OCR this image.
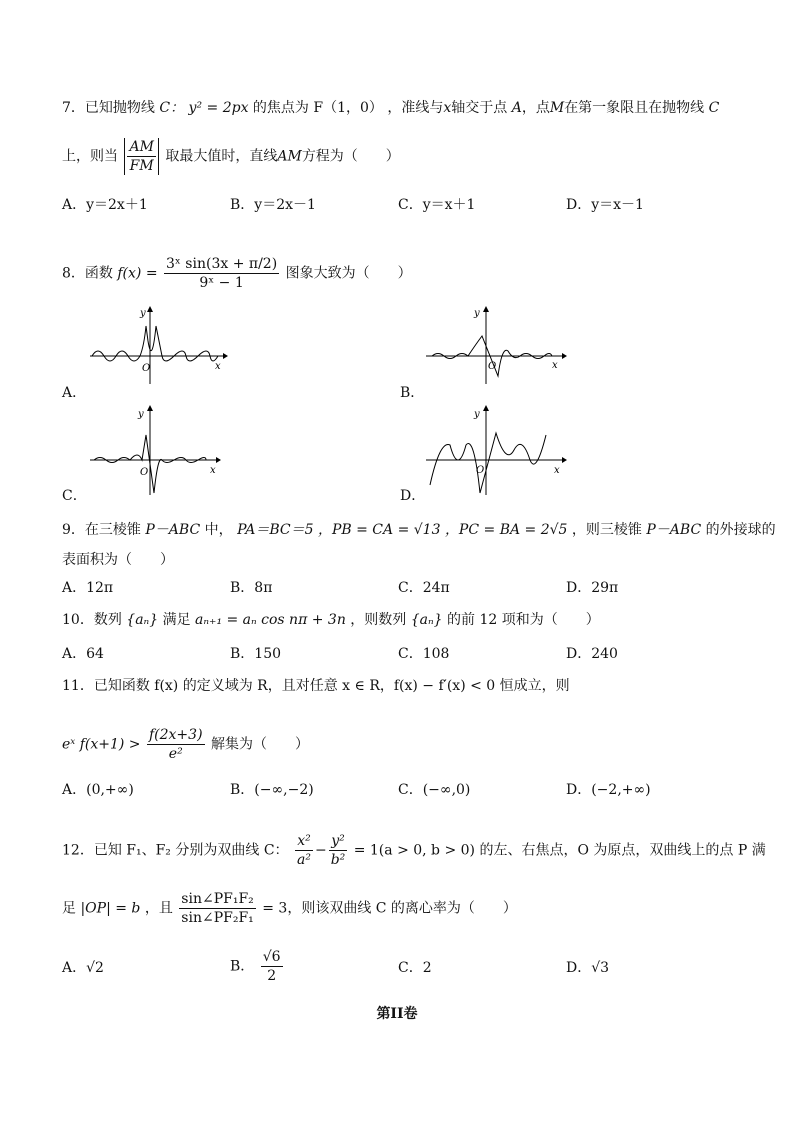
7．已知抛物线 C： y² = 2px 的焦点为 F（1，0） ，准线与x轴交于点 A，点M在第一象限且在抛物线 C
上，则当 $\frac{AM}{FM}$ 取最大值时，直线AM方程为（　　）
A．y＝2x＋1	B．y＝2x－1	C．y＝x＋1	D．y＝x－1
8．函数 $f(x) = \frac{\text{3ˣ sin(3x + π/2)}}{\text{9ˣ − 1}}$ 图象大致为（　　）
y
x
O
A．
y
x
O
B．
y
x
O
C．
y
x
O
D．
9．在三棱锥 P－ABC 中， PA＝BC＝5 ，PB = CA = √13 ，PC = BA = 2√5 ，则三棱锥 P－ABC 的外接球的
表面积为（　　）
A．12π	B．8π	C．24π	D．29π
10．数列 {aₙ} 满足 aₙ₊₁ = aₙ cos nπ + 3n ，则数列 {aₙ} 的前 12 项和为（　　）
A．64	B．150	C．108	D．240
11．已知函数 f(x) 的定义域为 R，且对任意 x ∈ R，f(x) − f′(x) < 0 恒成立，则
eˣ $f(x+1) > \frac{f(2x+3)}{\text{e²}}$ 解集为（　　）
A．(0,+∞)	B．(−∞,−2)	C．(−∞,0)	D．(−2,+∞)
12．已知 F₁、F₂ 分别为双曲线 C： $\frac{\text{x²}}{\text{a²}} - \frac{\text{y²}}{\text{b²}} = 1(a > 0$, b > 0) 的左、右焦点，O 为原点，双曲线上的点 P 满
足 |OP| = b ，且 $\frac{\text{sin∠PF₁F₂}}{\text{sin∠PF₂F₁}} = 3$，则该双曲线 C 的离心率为（　　）
A．√2	B． $\frac{√6}{2}$	C．2	D．√3
第II卷
